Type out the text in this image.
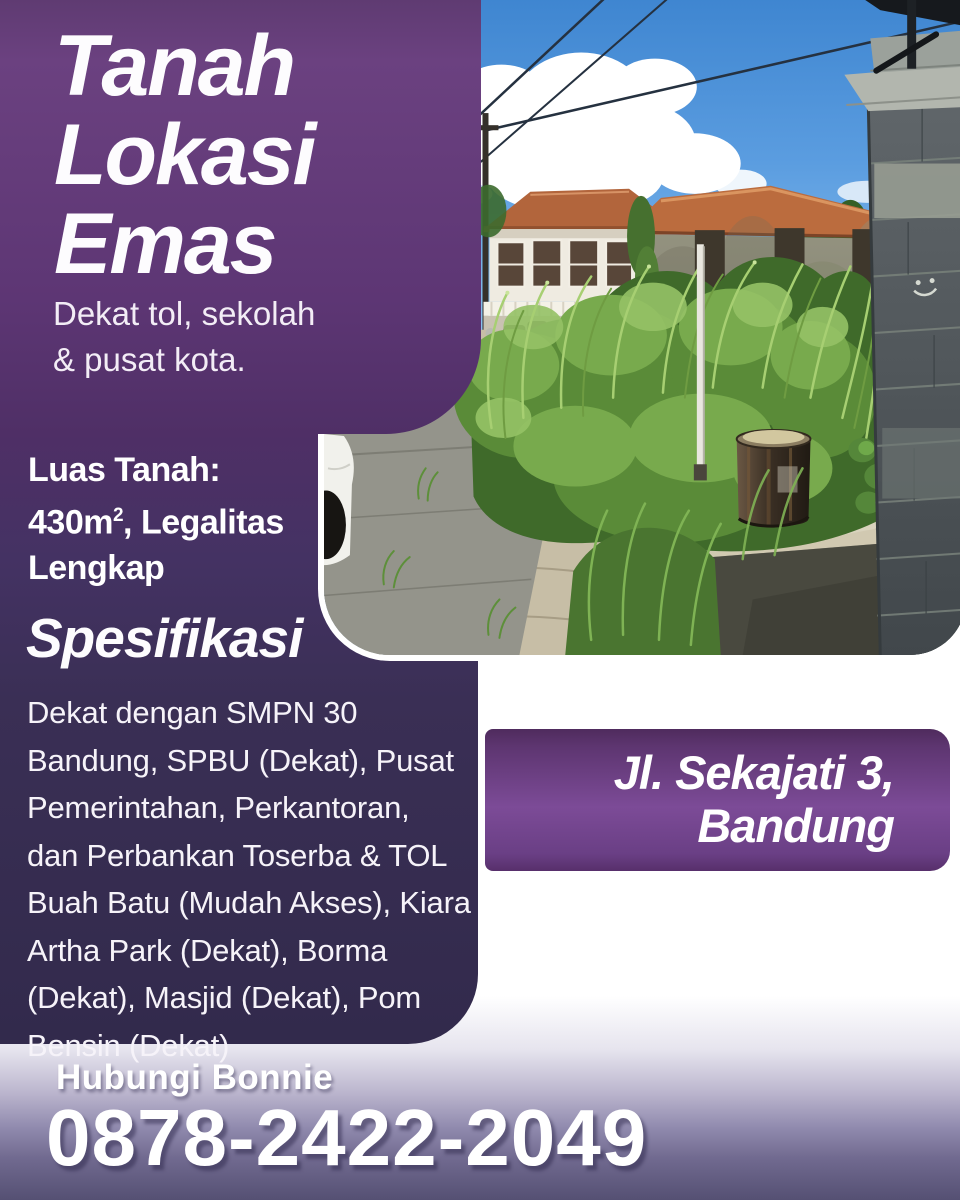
Tanah
Lokasi
Emas
Dekat tol, sekolah
& pusat kota.
Luas Tanah:
$430m^2$, Legalitas
Lengkap
Spesifikasi
Dekat dengan SMPN 30
Bandung, SPBU (Dekat), Pusat
Pemerintahan, Perkantoran,
dan Perbankan Toserba & TOL
Buah Batu (Mudah Akses), Kiara
Artha Park (Dekat), Borma
(Dekat), Masjid (Dekat), Pom
Bensin (Dekat)
Jl. Sekajati 3,
Bandung
Hubungi Bonnie
0878-2422-2049
